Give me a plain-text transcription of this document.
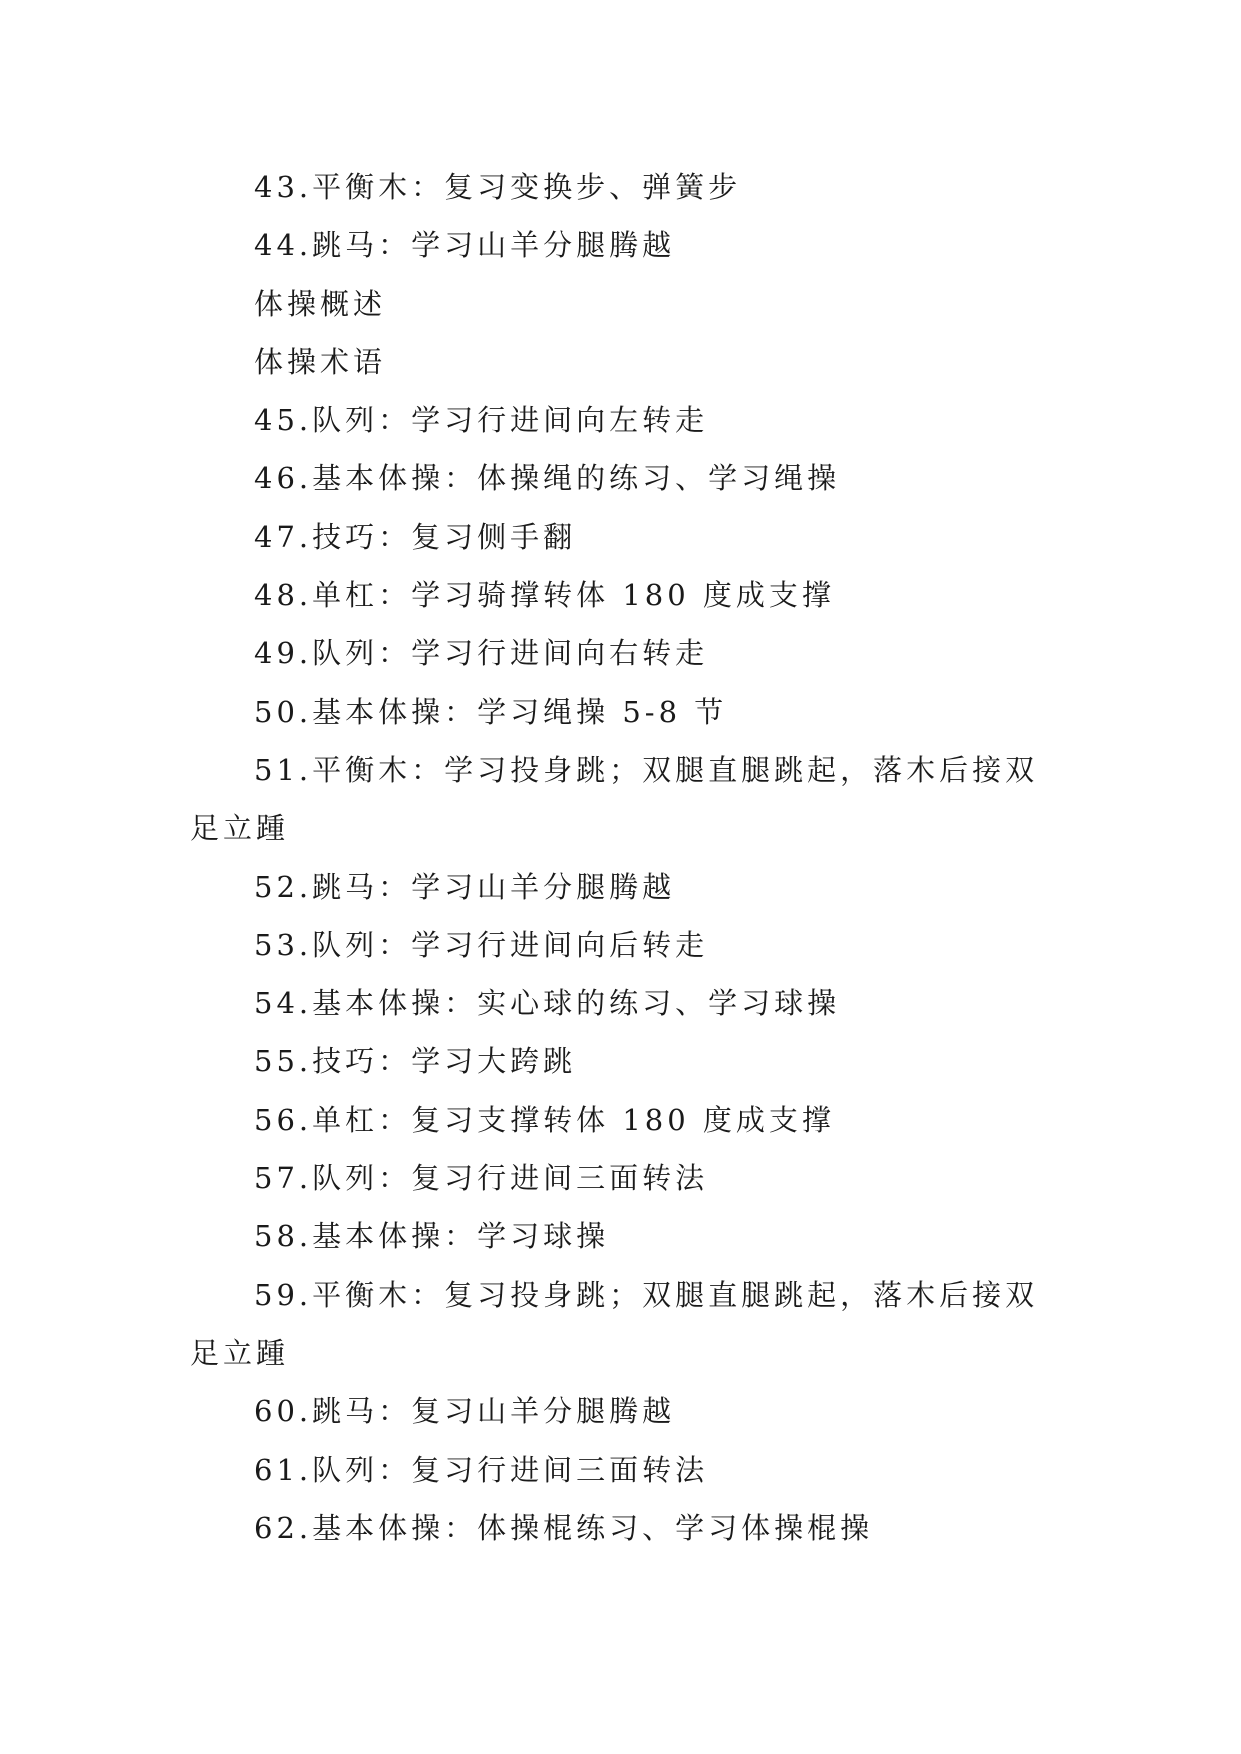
43.平衡木：复习变换步、弹簧步

44.跳马：学习山羊分腿腾越

体操概述

体操术语

45.队列：学习行进间向左转走

46.基本体操：体操绳的练习、学习绳操

47.技巧：复习侧手翻

48.单杠：学习骑撑转体 180 度成支撑

49.队列：学习行进间向右转走

50.基本体操：学习绳操 5-8 节

51.平衡木：学习投身跳；双腿直腿跳起，落木后接双足立踵

52.跳马：学习山羊分腿腾越

53.队列：学习行进间向后转走

54.基本体操：实心球的练习、学习球操

55.技巧：学习大跨跳

56.单杠：复习支撑转体 180 度成支撑

57.队列：复习行进间三面转法

58.基本体操：学习球操

59.平衡木：复习投身跳；双腿直腿跳起，落木后接双足立踵

60.跳马：复习山羊分腿腾越

61.队列：复习行进间三面转法

62.基本体操：体操棍练习、学习体操棍操
